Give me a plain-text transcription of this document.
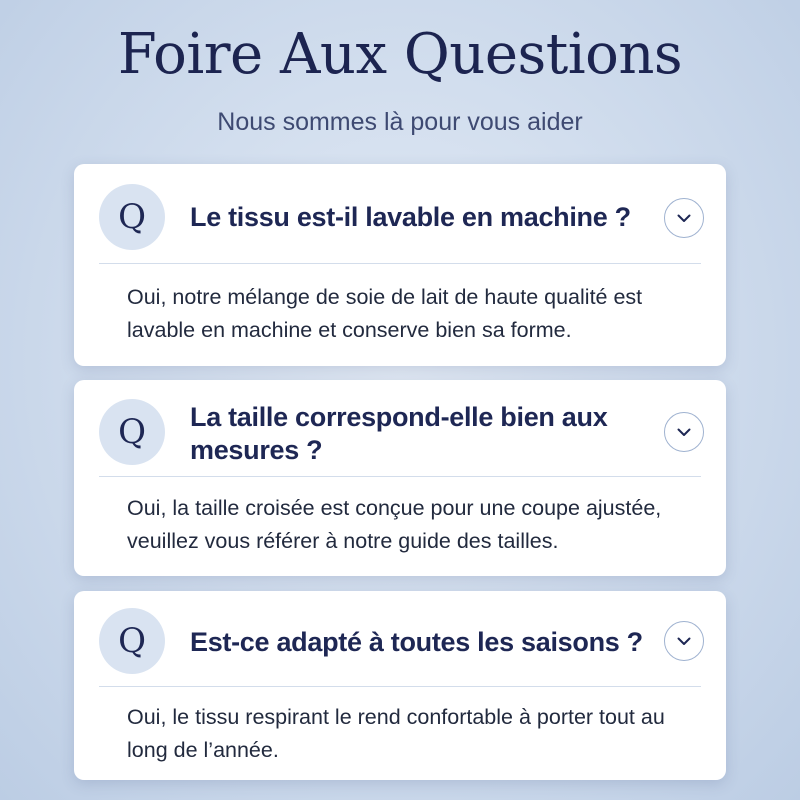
Foire Aux Questions

Nous sommes là pour vous aider

Q	Le tissu est-il lavable en machine ?

Oui, notre mélange de soie de lait de haute qualité est lavable en machine et conserve bien sa forme.

Q	La taille correspond-elle bien aux mesures ?

Oui, la taille croisée est conçue pour une coupe ajustée, veuillez vous référer à notre guide des tailles.

Q	Est-ce adapté à toutes les saisons ?

Oui, le tissu respirant le rend confortable à porter tout au long de l’année.
